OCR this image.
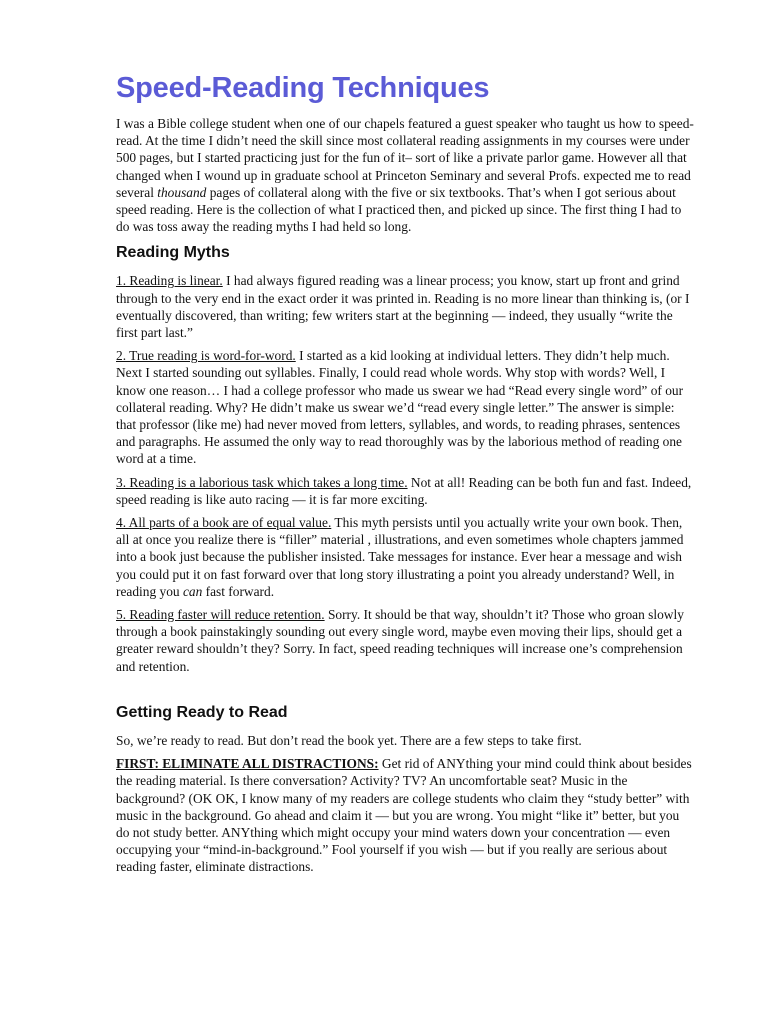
Speed-Reading Techniques

I was a Bible college student when one of our chapels featured a guest speaker who taught us how to speed-read. At the time I didn’t need the skill since most collateral reading assignments in my courses were under 500 pages, but I started practicing just for the fun of it– sort of like a private parlor game. However all that changed when I wound up in graduate school at Princeton Seminary and several Profs. expected me to read several thousand pages of collateral along with the five or six textbooks. That’s when I got serious about speed reading. Here is the collection of what I practiced then, and picked up since. The first thing I had to do was toss away the reading myths I had held so long.

Reading Myths

1. Reading is linear. I had always figured reading was a linear process; you know, start up front and grind through to the very end in the exact order it was printed in. Reading is no more linear than thinking is, (or I eventually discovered, than writing; few writers start at the beginning — indeed, they usually “write the first part last.”

2. True reading is word-for-word. I started as a kid looking at individual letters. They didn’t help much. Next I started sounding out syllables. Finally, I could read whole words. Why stop with words? Well, I know one reason… I had a college professor who made us swear we had “Read every single word” of our collateral reading. Why? He didn’t make us swear we’d “read every single letter.” The answer is simple: that professor (like me) had never moved from letters, syllables, and words, to reading phrases, sentences and paragraphs. He assumed the only way to read thoroughly was by the laborious method of reading one word at a time.

3. Reading is a laborious task which takes a long time. Not at all! Reading can be both fun and fast. Indeed, speed reading is like auto racing — it is far more exciting.

4. All parts of a book are of equal value. This myth persists until you actually write your own book. Then, all at once you realize there is “filler” material , illustrations, and even sometimes whole chapters jammed into a book just because the publisher insisted. Take messages for instance. Ever hear a message and wish you could put it on fast forward over that long story illustrating a point you already understand? Well, in reading you can fast forward.

5. Reading faster will reduce retention. Sorry. It should be that way, shouldn’t it? Those who groan slowly through a book painstakingly sounding out every single word, maybe even moving their lips, should get a greater reward shouldn’t they? Sorry. In fact, speed reading techniques will increase one’s comprehension and retention.

Getting Ready to Read

So, we’re ready to read. But don’t read the book yet. There are a few steps to take first.

FIRST: ELIMINATE ALL DISTRACTIONS: Get rid of ANYthing your mind could think about besides the reading material. Is there conversation? Activity? TV? An uncomfortable seat? Music in the background? (OK OK, I know many of my readers are college students who claim they “study better” with music in the background. Go ahead and claim it — but you are wrong. You might “like it” better, but you do not study better. ANYthing which might occupy your mind waters down your concentration — even occupying your “mind-in-background.” Fool yourself if you wish — but if you really are serious about reading faster, eliminate distractions.
